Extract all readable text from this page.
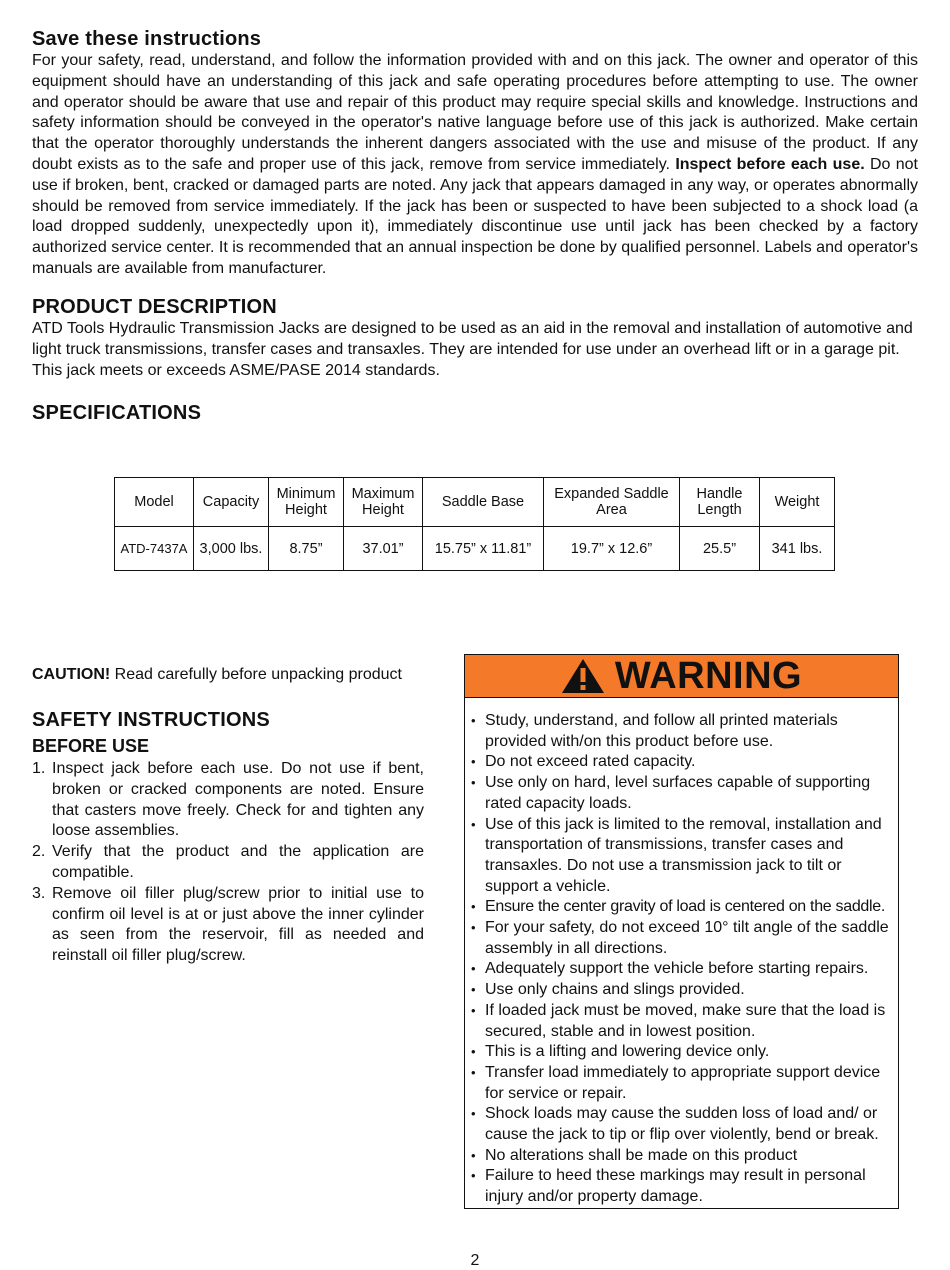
Save these instructions
For your safety, read, understand, and follow the information provided with and on this jack. The owner and operator of this equipment should have an understanding of this jack and safe operating procedures before attempting to use. The owner and operator should be aware that use and repair of this product may require special skills and knowledge. Instructions and safety information should be conveyed in the operator's native language before use of this jack is authorized. Make certain that the operator thoroughly understands the inherent dangers associated with the use and misuse of the product. If any doubt exists as to the safe and proper use of this jack, remove from service immediately. Inspect before each use. Do not use if broken, bent, cracked or damaged parts are noted. Any jack that appears damaged in any way, or operates abnormally should be removed from service immediately. If the jack has been or suspected to have been subjected to a shock load (a load dropped suddenly, unexpectedly upon it), immediately discontinue use until jack has been checked by a factory authorized service center. It is recommended that an annual inspection be done by qualified personnel. Labels and operator's manuals are available from manufacturer.
PRODUCT DESCRIPTION
ATD Tools Hydraulic Transmission Jacks are designed to be used as an aid in the removal and installation of automotive and light truck transmissions, transfer cases and transaxles. They are intended for use under an overhead lift or in a garage pit. This jack meets or exceeds ASME/PASE 2014 standards.
SPECIFICATIONS
Model	Capacity	Minimum Height	Maximum Height	Saddle Base	Expanded Saddle Area	Handle Length	Weight
ATD-7437A	3,000 lbs.	8.75”	37.01”	15.75” x 11.81”	19.7” x 12.6”	25.5”	341 lbs.
CAUTION! Read carefully before unpacking product
SAFETY INSTRUCTIONS
BEFORE USE
1. Inspect jack before each use. Do not use if bent, broken or cracked components are noted. Ensure that casters move freely. Check for and tighten any loose assemblies.
2. Verify that the product and the application are compatible.
3. Remove oil filler plug/screw prior to initial use to confirm oil level is at or just above the inner cylinder as seen from the reservoir, fill as needed and reinstall oil filler plug/screw.
WARNING
• Study, understand, and follow all printed materials provided with/on this product before use.
• Do not exceed rated capacity.
• Use only on hard, level surfaces capable of supporting rated capacity loads.
• Use of this jack is limited to the removal, installation and transportation of transmissions, transfer cases and transaxles. Do not use a transmission jack to tilt or support a vehicle.
• Ensure the center gravity of load is centered on the saddle.
• For your safety, do not exceed 10° tilt angle of the saddle assembly in all directions.
• Adequately support the vehicle before starting repairs.
• Use only chains and slings provided.
• If loaded jack must be moved, make sure that the load is secured, stable and in lowest position.
• This is a lifting and lowering device only.
• Transfer load immediately to appropriate support device for service or repair.
• Shock loads may cause the sudden loss of load and/ or cause the jack to tip or flip over violently, bend or break.
• No alterations shall be made on this product
• Failure to heed these markings may result in personal injury and/or property damage.
2
